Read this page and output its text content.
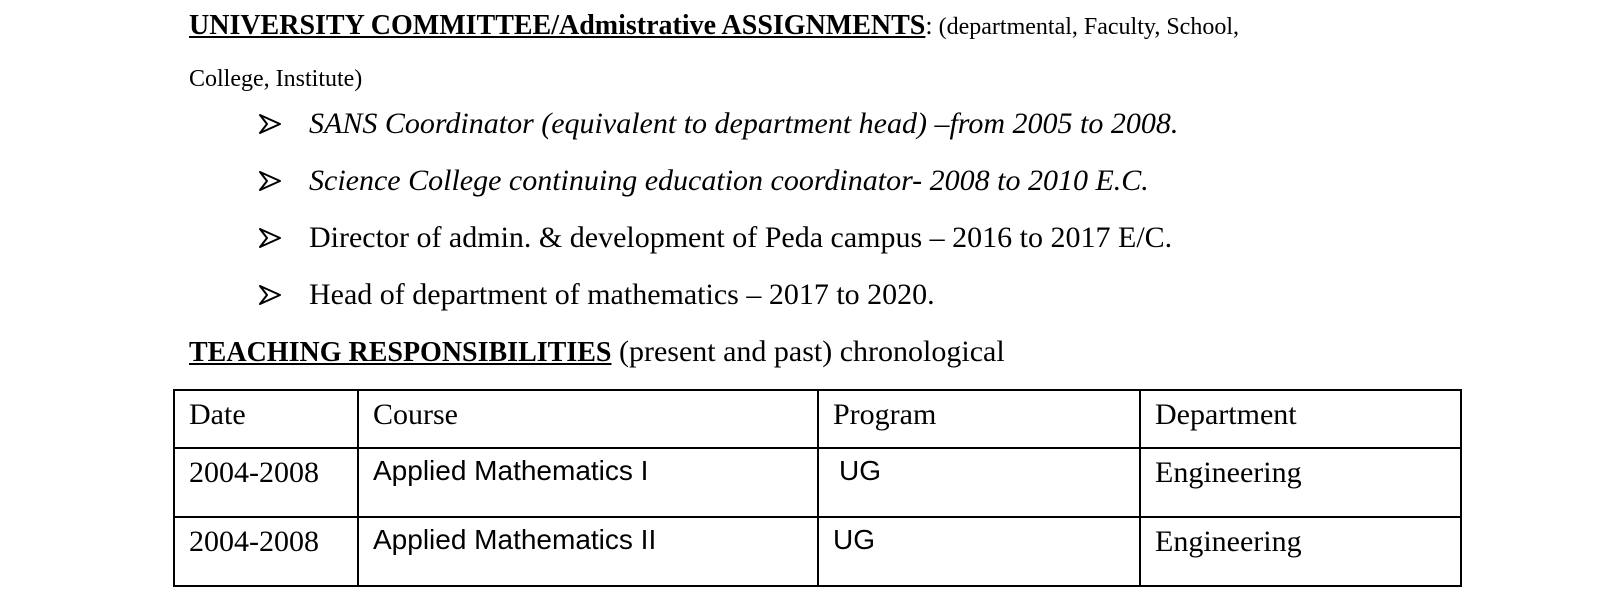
UNIVERSITY COMMITTEE/Admistrative ASSIGNMENTS: (departmental, Faculty, School,
College, Institute)
SANS Coordinator (equivalent to department head) –from 2005 to 2008.
Science College continuing education coordinator- 2008 to 2010 E.C.
Director of admin. & development of Peda campus – 2016 to 2017 E/C.
Head of department of mathematics – 2017 to 2020.
TEACHING RESPONSIBILITIES (present and past) chronological
Date	Course	Program	Department
2004-2008	Applied Mathematics I	UG	Engineering
2004-2008	Applied Mathematics II	UG	Engineering
